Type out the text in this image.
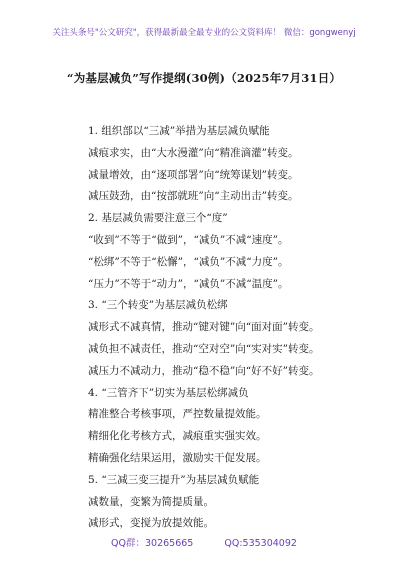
关注头条号"公文研究"，获得最新最全最专业的公文资料库！ 微信：gongwenyj
“为基层减负”写作提纲(30例)（2025年7月31日）
1. 组织部以“三减”举措为基层减负赋能
减痕求实，由“大水漫灌”向“精准滴灌”转变。
减量增效，由“逐项部署”向“统筹谋划”转变。
减压鼓劲，由“按部就班”向“主动出击”转变。
2. 基层减负需要注意三个“度”
“收到”不等于“做到”，“减负”不减“速度”。
“松绑”不等于“松懈”，“减负”不减“力度”。
“压力”不等于“动力”，“减负”不减“温度”。
3. “三个转变”为基层减负松绑
减形式不减真情，推动“键对键”向“面对面”转变。
减负担不减责任，推动“空对空”向“实对实”转变。
减压力不减动力，推动“稳不稳”向“好不好”转变。
4. “三管齐下”切实为基层松绑减负
精准整合考核事项，严控数量提效能。
精细化化考核方式，减痕重实强实效。
精确强化结果运用，激励实干促发展。
5. “三减三变三提升”为基层减负赋能
减数量，变繁为简提质量。
减形式，变搅为放提效能。
QQ群：30265665	QQ:535304092
